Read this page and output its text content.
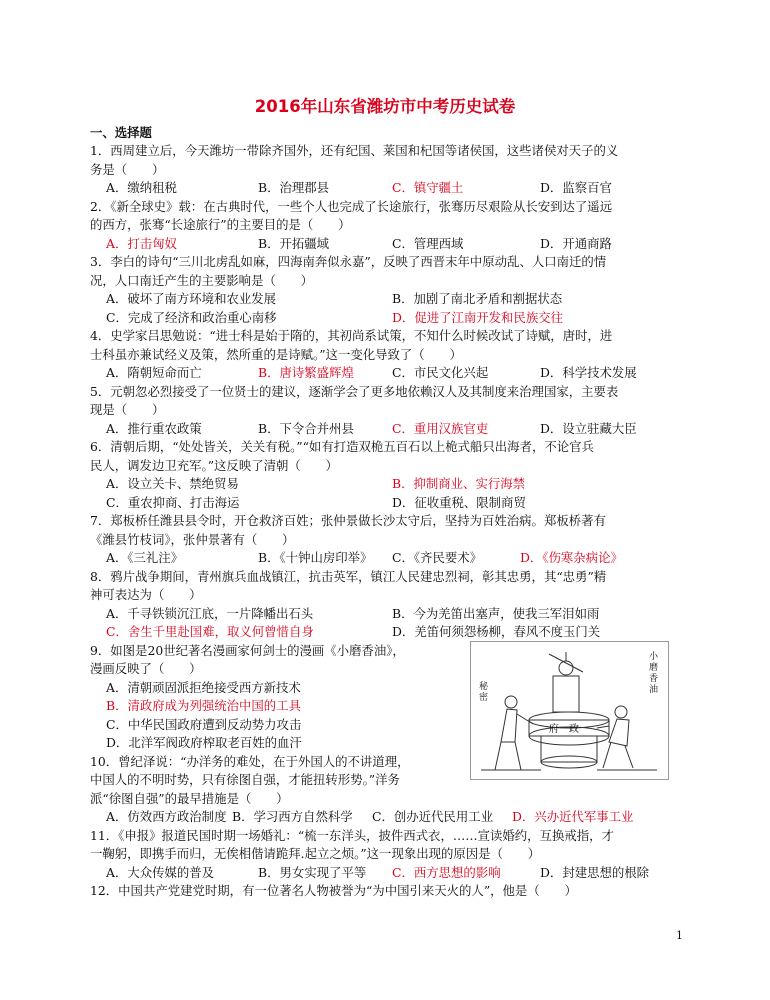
2016年山东省潍坊市中考历史试卷
一、选择题
1．西周建立后，今天潍坊一带除齐国外，还有纪国、莱国和杞国等诸侯国，这些诸侯对天子的义
务是（　　）
A．缴纳租税	B．治理郡县	C．镇守疆土	D．监察百官
2．《新全球史》载：在古典时代，一些个人也完成了长途旅行，张骞历尽艰险从长安到达了遥远
的西方，张骞“长途旅行”的主要目的是（　　）
A．打击匈奴	B．开拓疆域	C．管理西域	D．开通商路
3．李白的诗句“三川北虏乱如麻，四海南奔似永嘉”，反映了西晋末年中原动乱、人口南迁的情
况，人口南迁产生的主要影响是（　　）
A．破坏了南方环境和农业发展	B．加剧了南北矛盾和割据状态
C．完成了经济和政治重心南移	D．促进了江南开发和民族交往
4．史学家吕思勉说：“进士科是始于隋的，其初尚系试策，不知什么时候改试了诗赋，唐时，进
士科虽亦兼试经义及策，然所重的是诗赋。”这一变化导致了（　　）
A．隋朝短命而亡	B．唐诗繁盛辉煌	C．市民文化兴起	D．科学技术发展
5．元朝忽必烈接受了一位贤士的建议，逐渐学会了更多地依赖汉人及其制度来治理国家，主要表
现是（　　）
A．推行重农政策	B．下令合并州县	C．重用汉族官吏	D．设立驻藏大臣
6．清朝后期，“处处皆关，关关有税。”“如有打造双桅五百石以上桅式船只出海者，不论官兵
民人，调发边卫充军。”这反映了清朝（　　）
A．设立关卡、禁绝贸易	B．抑制商业、实行海禁
C．重农抑商、打击海运	D．征收重税、限制商贸
7．郑板桥任潍县县令时，开仓救济百姓；张仲景做长沙太守后，坚持为百姓治病。郑板桥著有
《潍县竹枝词》，张仲景著有（　　）
A．《三礼注》	B．《十钟山房印举》 C．《齐民要术》	D．《伤寒杂病论》
8．鸦片战争期间，青州旗兵血战镇江，抗击英军，镇江人民建忠烈祠，彰其忠勇，其“忠勇”精
神可表达为（　　）
A．千寻铁锁沉江底，一片降幡出石头	B．今为羌笛出塞声，使我三军泪如雨
C．舍生千里赴国难，取义何曾惜自身	D．羌笛何须怨杨柳，春风不度玉门关
9．如图是20世纪著名漫画家何剑士的漫画《小磨香油》，
漫画反映了（　　）
A．清朝顽固派拒绝接受西方新技术
B．清政府成为列强统治中国的工具
C．中华民国政府遭到反动势力攻击
D．北洋军阀政府榨取老百姓的血汗
秘密
小磨香油
府　政
10．曾纪泽说：“办洋务的难处，在于外国人的不讲道理，
中国人的不明时势，只有徐图自强，才能扭转形势。”洋务
派“徐图自强”的最早措施是（　　）
A．仿效西方政治制度 B．学习西方自然科学 C．创办近代民用工业 D．兴办近代军事工业
11．《申报》报道民国时期一场婚礼：“梳一东洋头，披件西式衣，……宣读婚约，互换戒指，才
一鞠躬，即携手而归，无俟相偕请跪拜.起立之烦。”这一现象出现的原因是（　　）
A．大众传媒的普及	B．男女实现了平等 C．西方思想的影响	D．封建思想的根除
12．中国共产党建党时期，有一位著名人物被誉为“为中国引来天火的人”，他是（　　）
1
